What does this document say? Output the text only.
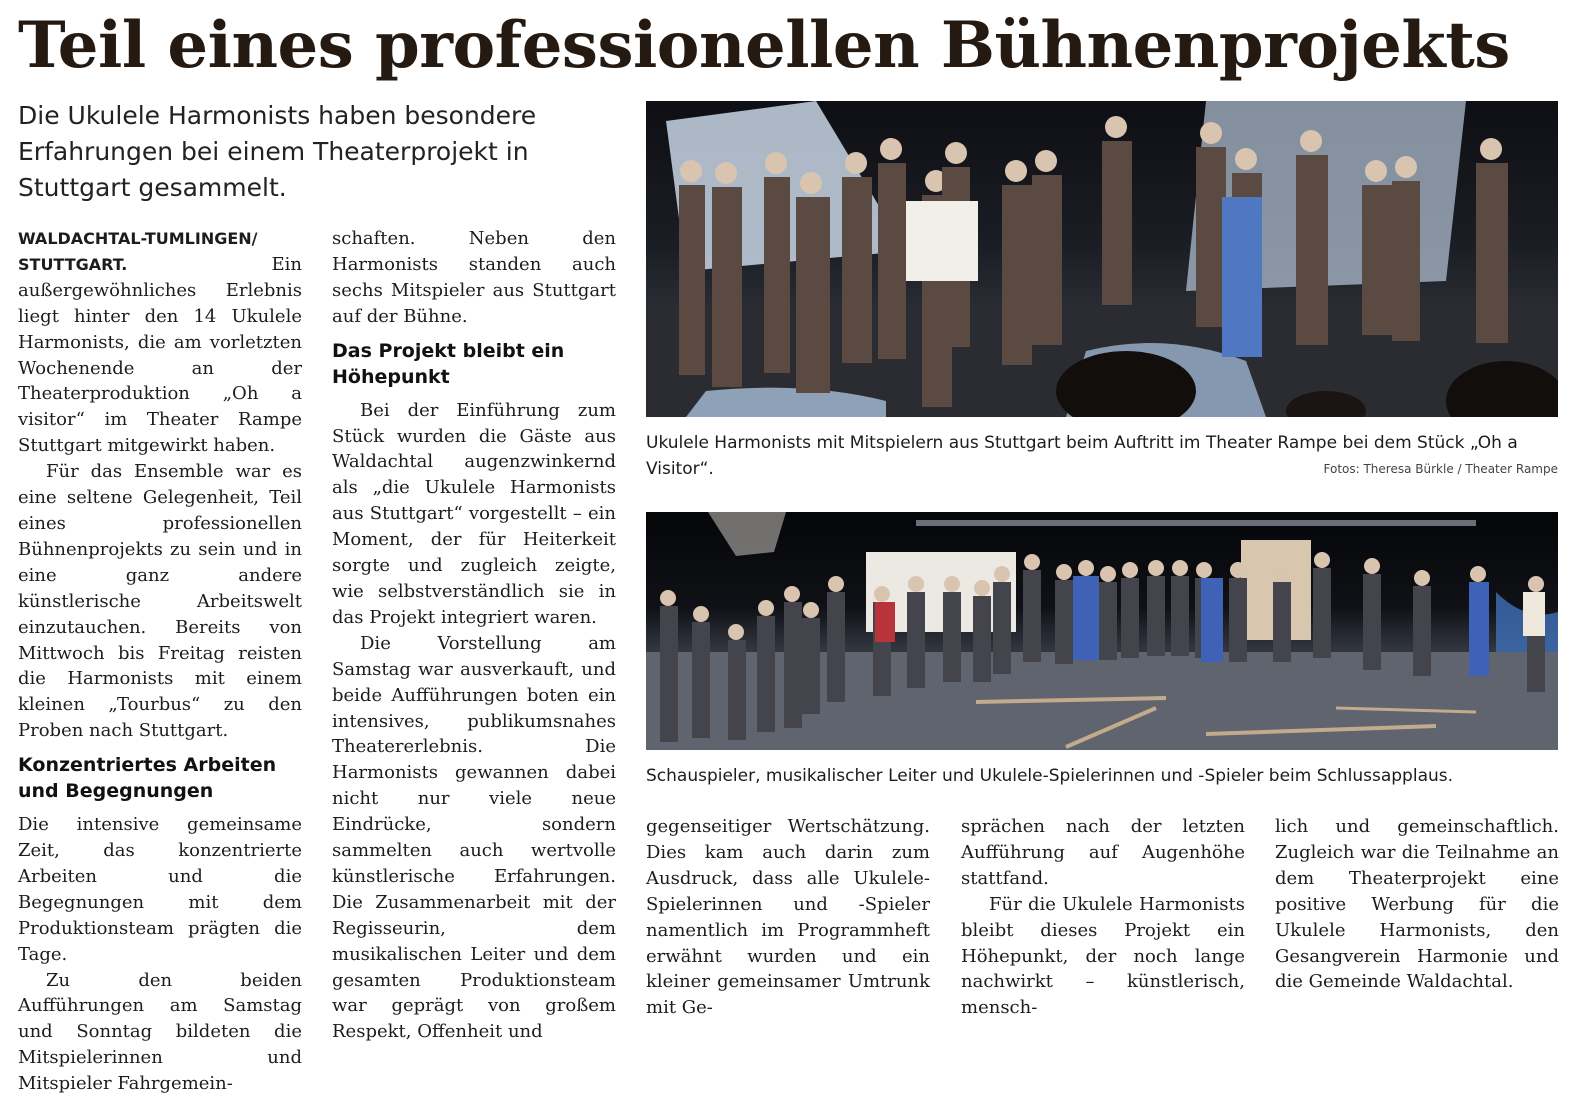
Teil eines professionellen Bühnenprojekts
Die Ukulele Harmonists haben besondere Erfahrungen bei einem Theaterprojekt in Stuttgart gesammelt.

WALDACHTAL-TUMLINGEN/ STUTTGART.	Ein außergewöhnliches Erlebnis liegt hinter den 14 Ukulele Harmonists, die am vorletzten Wochenende an der Theaterproduktion „Oh a visitor“ im Theater Rampe Stuttgart mitgewirkt haben.

Für das Ensemble war es eine seltene Gelegenheit, Teil eines professionellen Bühnenprojekts zu sein und in eine ganz andere künstlerische Arbeitswelt einzutauchen. Bereits von Mittwoch bis Freitag reisten die Harmonists mit einem kleinen „Tourbus“ zu den Proben nach Stuttgart.

Konzentriertes Arbeiten und Begegnungen

Die intensive gemeinsame Zeit, das konzentrierte Arbeiten und die Begegnungen mit dem Produktionsteam prägten die Tage.

Zu den beiden Aufführungen am Samstag und Sonntag bildeten die Mitspielerinnen und Mitspieler Fahrgemein-

schaften. Neben den Harmonists standen auch sechs Mitspieler aus Stuttgart auf der Bühne.

Das Projekt bleibt ein Höhepunkt

Bei der Einführung zum Stück wurden die Gäste aus Waldachtal augenzwinkernd als „die Ukulele Harmonists aus Stuttgart“ vorgestellt – ein Moment, der für Heiterkeit sorgte und zugleich zeigte, wie selbstverständlich sie in das Projekt integriert waren.

Die Vorstellung am Samstag war ausverkauft, und beide Aufführungen boten ein intensives, publikumsnahes Theatererlebnis. Die Harmonists gewannen dabei nicht nur viele neue Eindrücke, sondern sammelten auch wertvolle künstlerische Erfahrungen. Die Zusammenarbeit mit der Regisseurin, dem musikalischen Leiter und dem gesamten Produktionsteam war geprägt von großem Respekt, Offenheit und

gegenseitiger Wertschätzung. Dies kam auch darin zum Ausdruck, dass alle Ukulele-Spielerinnen und -Spieler namentlich im Programmheft erwähnt wurden und ein kleiner gemeinsamer Umtrunk mit Ge-

sprächen nach der letzten Aufführung auf Augenhöhe stattfand.

Für die Ukulele Harmonists bleibt dieses Projekt ein Höhepunkt, der noch lange nachwirkt – künstlerisch, mensch-

lich und gemeinschaftlich. Zugleich war die Teilnahme an dem Theaterprojekt eine positive Werbung für die Ukulele Harmonists, den Gesangverein Harmonie und die Gemeinde Waldachtal.

Ukulele Harmonists mit Mitspielern aus Stuttgart beim Auftritt im Theater Rampe bei dem Stück „Oh a Visitor“.	Fotos: Theresa Bürkle / Theater Rampe
Schauspieler, musikalischer Leiter und Ukulele-Spielerinnen und -Spieler beim Schlussapplaus.
